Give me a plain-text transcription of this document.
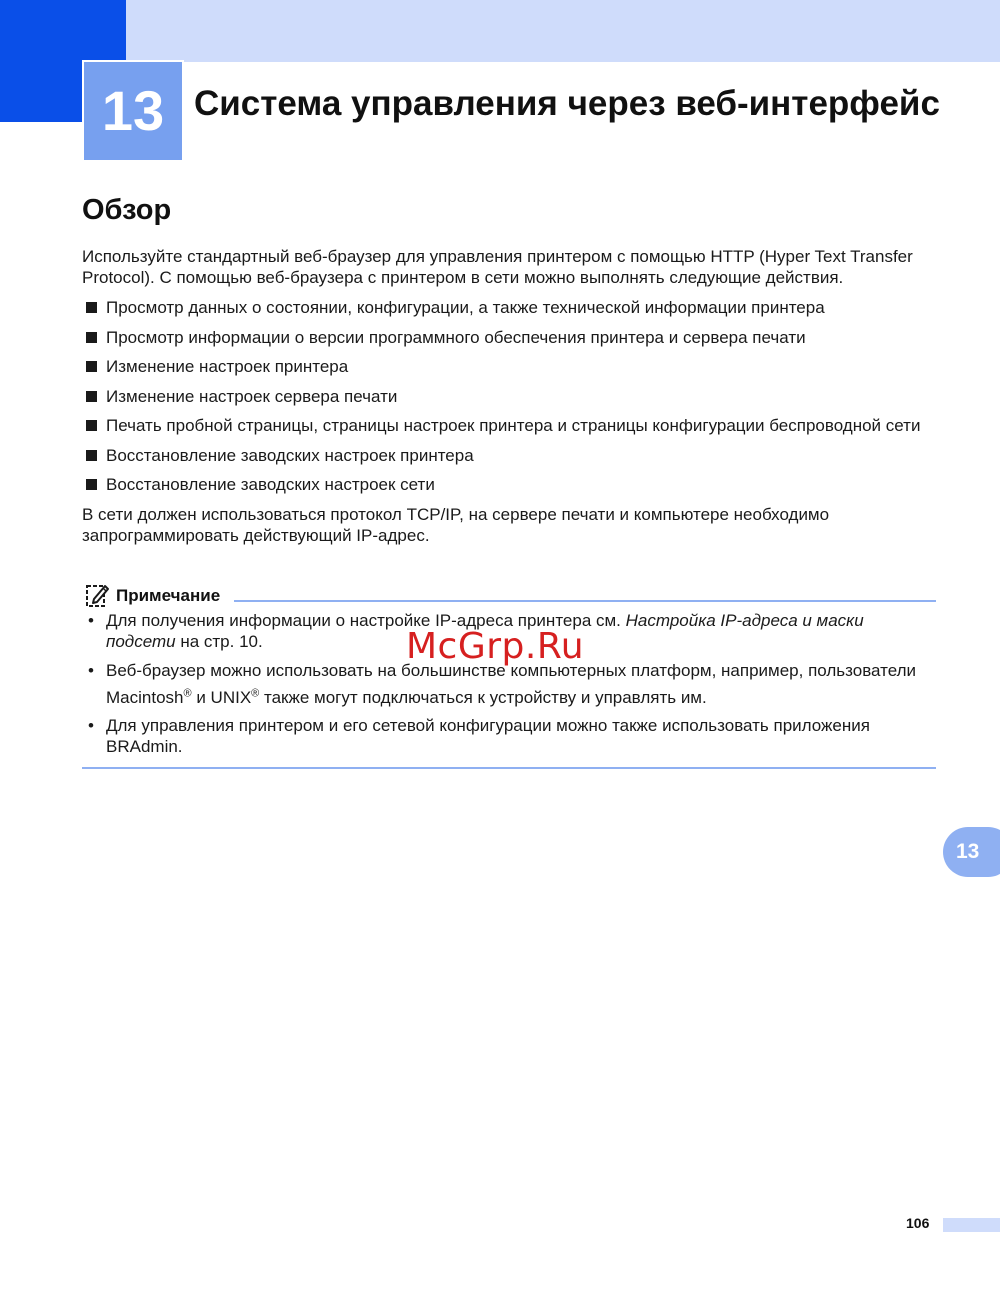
13 Система управления через веб-интерфейс
Обзор

Используйте стандартный веб-браузер для управления принтером с помощью HTTP (Hyper Text Transfer Protocol). С помощью веб-браузера с принтером в сети можно выполнять следующие действия.

Просмотр данных о состоянии, конфигурации, а также технической информации принтера
Просмотр информации о версии программного обеспечения принтера и сервера печати
Изменение настроек принтера
Изменение настроек сервера печати
Печать пробной страницы, страницы настроек принтера и страницы конфигурации беспроводной сети
Восстановление заводских настроек принтера
Восстановление заводских настроек сети

В сети должен использоваться протокол TCP/IP, на сервере печати и компьютере необходимо запрограммировать действующий IP-адрес.

Примечание
• Для получения информации о настройке IP-адреса принтера см. Настройка IP-адреса и маски подсети на стр. 10.
• Веб-браузер можно использовать на большинстве компьютерных платформ, например, пользователи Macintosh® и UNIX® также могут подключаться к устройству и управлять им.
• Для управления принтером и его сетевой конфигурации можно также использовать приложения BRAdmin.
McGrp.Ru
13
106
